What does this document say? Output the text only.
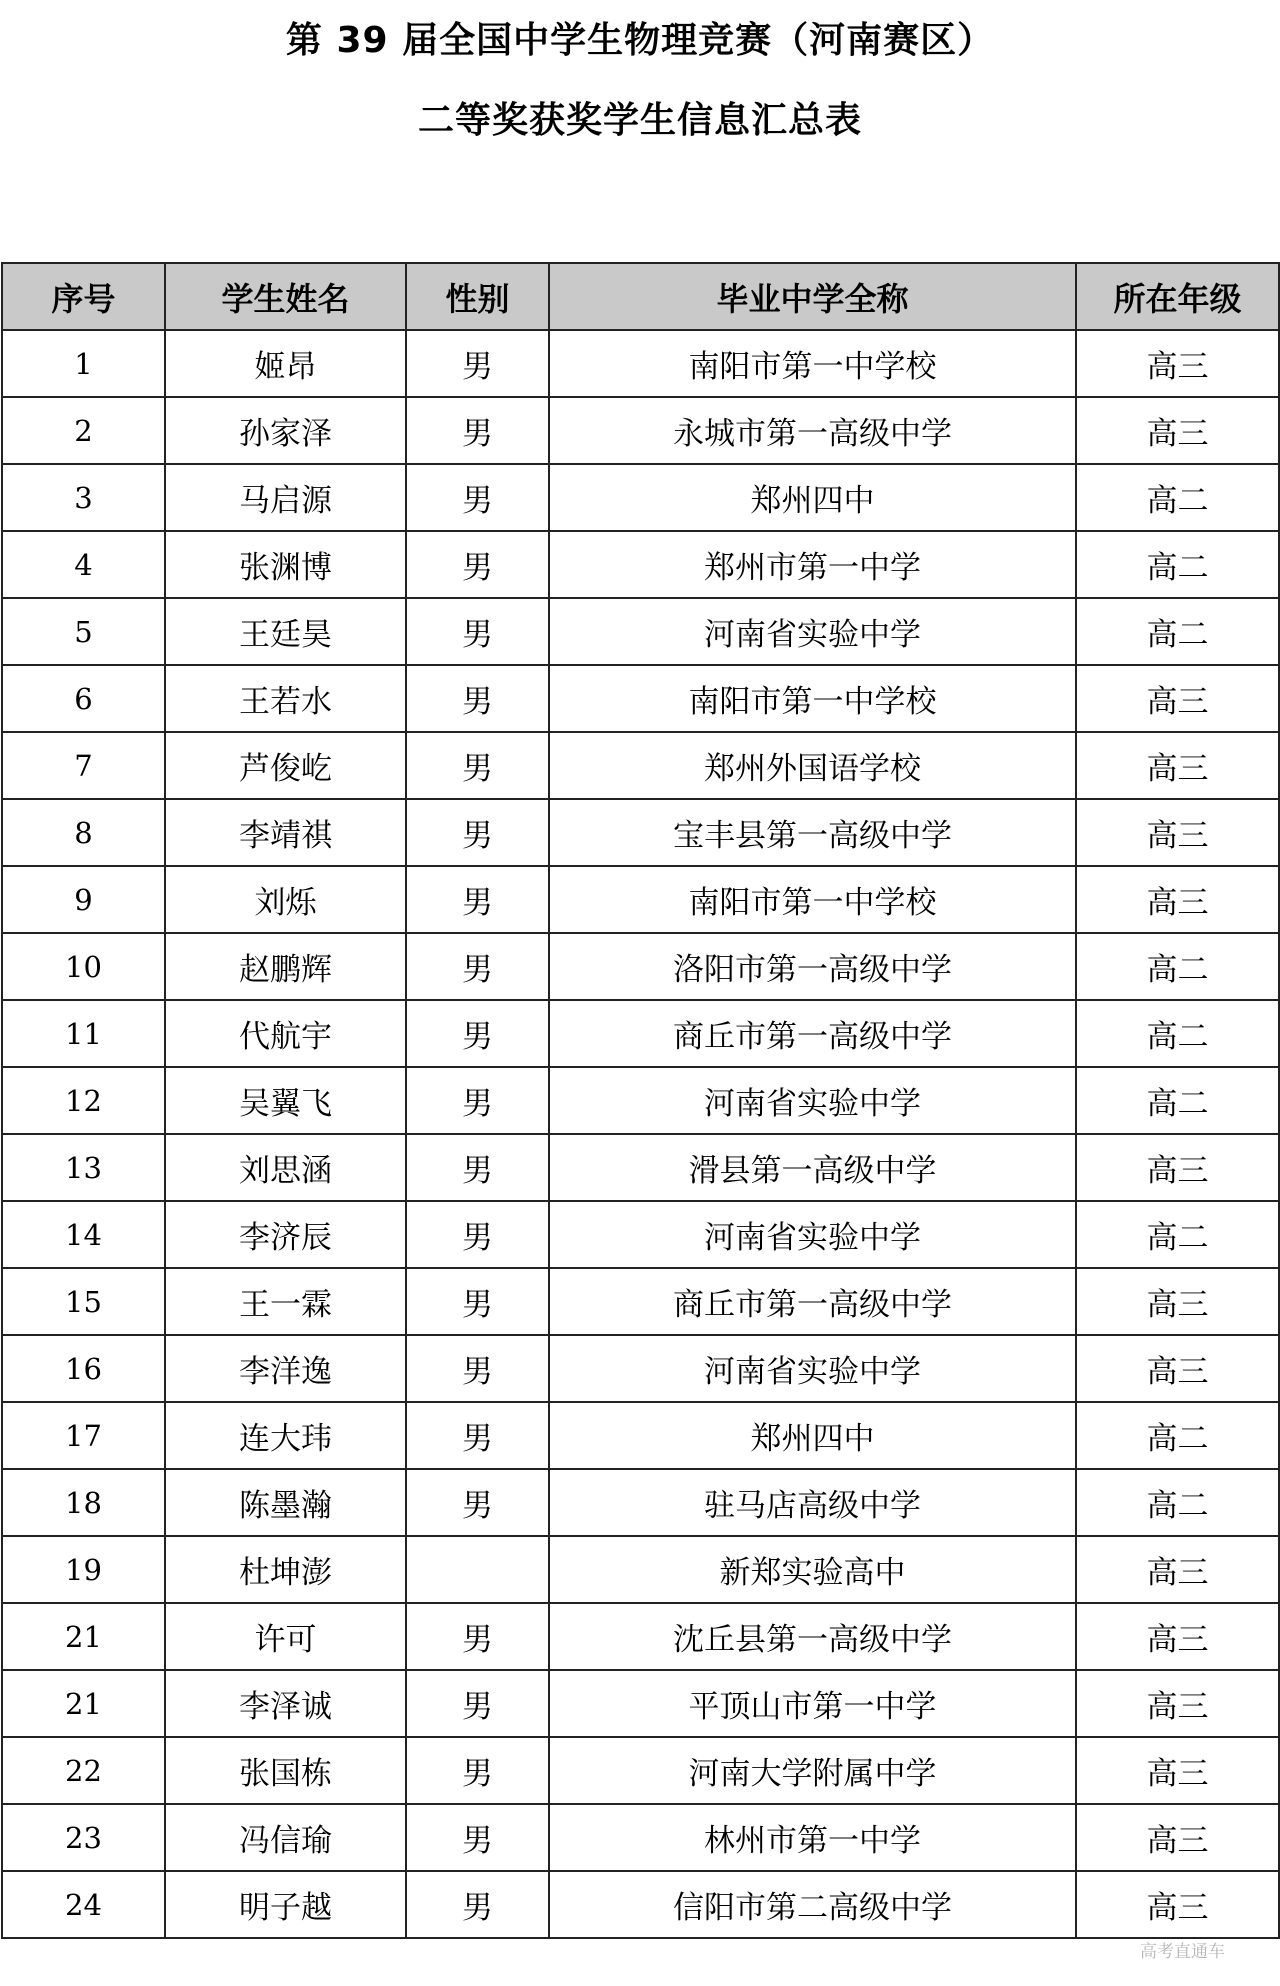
第 39 届全国中学生物理竞赛（河南赛区）
二等奖获奖学生信息汇总表
序号	学生姓名	性别	毕业中学全称	所在年级
1	姬昂	男	南阳市第一中学校	高三
2	孙家泽	男	永城市第一高级中学	高三
3	马启源	男	郑州四中	高二
4	张渊博	男	郑州市第一中学	高二
5	王廷昊	男	河南省实验中学	高二
6	王若水	男	南阳市第一中学校	高三
7	芦俊屹	男	郑州外国语学校	高三
8	李靖祺	男	宝丰县第一高级中学	高三
9	刘烁	男	南阳市第一中学校	高三
10	赵鹏辉	男	洛阳市第一高级中学	高二
11	代航宇	男	商丘市第一高级中学	高二
12	吴翼飞	男	河南省实验中学	高二
13	刘思涵	男	滑县第一高级中学	高三
14	李济辰	男	河南省实验中学	高二
15	王一霖	男	商丘市第一高级中学	高三
16	李洋逸	男	河南省实验中学	高三
17	连大玮	男	郑州四中	高二
18	陈墨瀚	男	驻马店高级中学	高二
19	杜坤澎		新郑实验高中	高三
21	许可	男	沈丘县第一高级中学	高三
21	李泽诚	男	平顶山市第一中学	高三
22	张国栋	男	河南大学附属中学	高三
23	冯信瑜	男	林州市第一中学	高三
24	明子越	男	信阳市第二高级中学	高三
高考直通车
